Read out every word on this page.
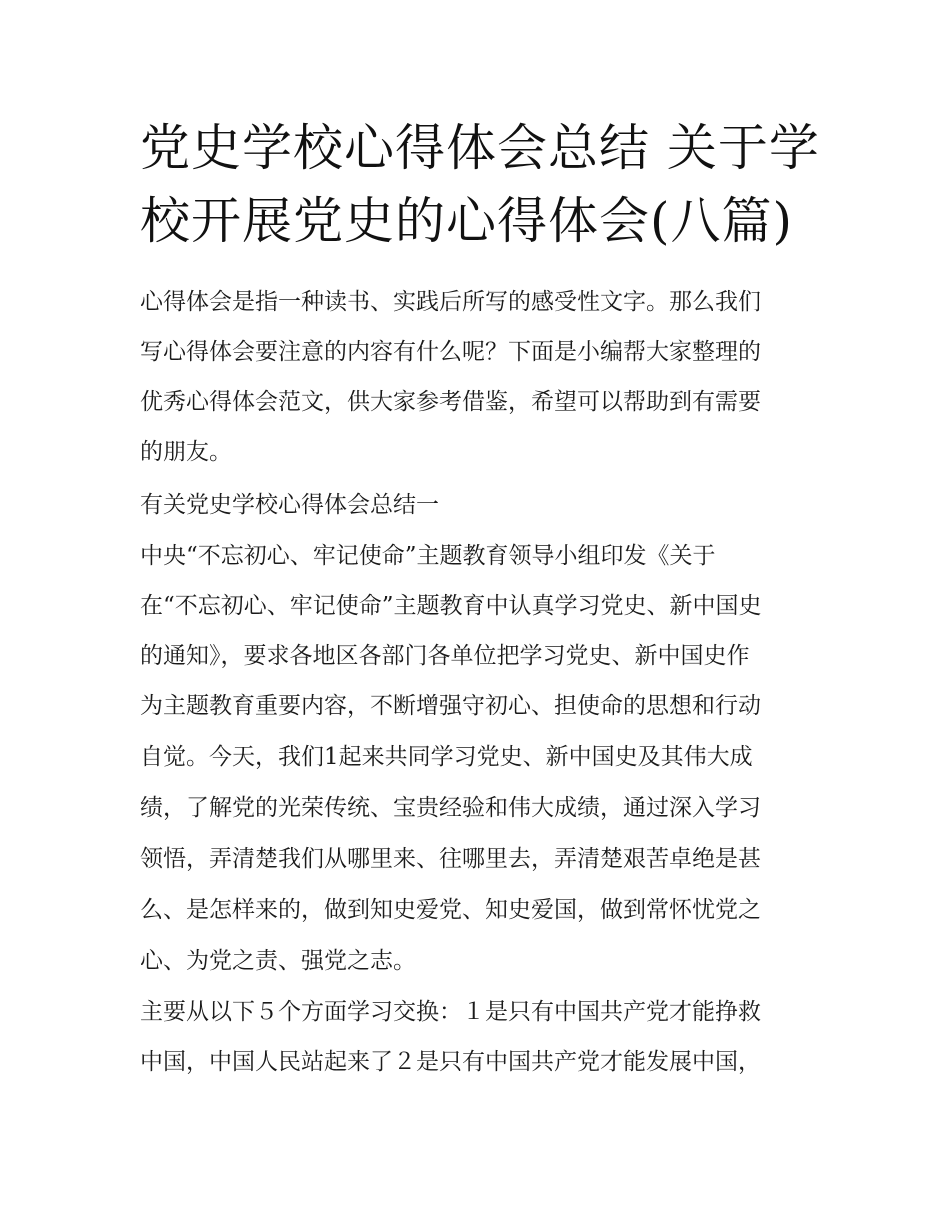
党史学校心得体会总结 关于学校开展党史的心得体会(八篇)

心得体会是指一种读书、实践后所写的感受性文字。那么我们

写心得体会要注意的内容有什么呢？下面是小编帮大家整理的

优秀心得体会范文，供大家参考借鉴，希望可以帮助到有需要

的朋友。

有关党史学校心得体会总结一

中央“不忘初心、牢记使命”主题教育领导小组印发《关于

在“不忘初心、牢记使命”主题教育中认真学习党史、新中国史

的通知》，要求各地区各部门各单位把学习党史、新中国史作

为主题教育重要内容，不断增强守初心、担使命的思想和行动

自觉。今天，我们1起来共同学习党史、新中国史及其伟大成

绩，了解党的光荣传统、宝贵经验和伟大成绩，通过深入学习

领悟，弄清楚我们从哪里来、往哪里去，弄清楚艰苦卓绝是甚

么、是怎样来的，做到知史爱党、知史爱国，做到常怀忧党之

心、为党之责、强党之志。

主要从以下５个方面学习交换：１是只有中国共产党才能挣救

中国，中国人民站起来了２是只有中国共产党才能发展中国，
